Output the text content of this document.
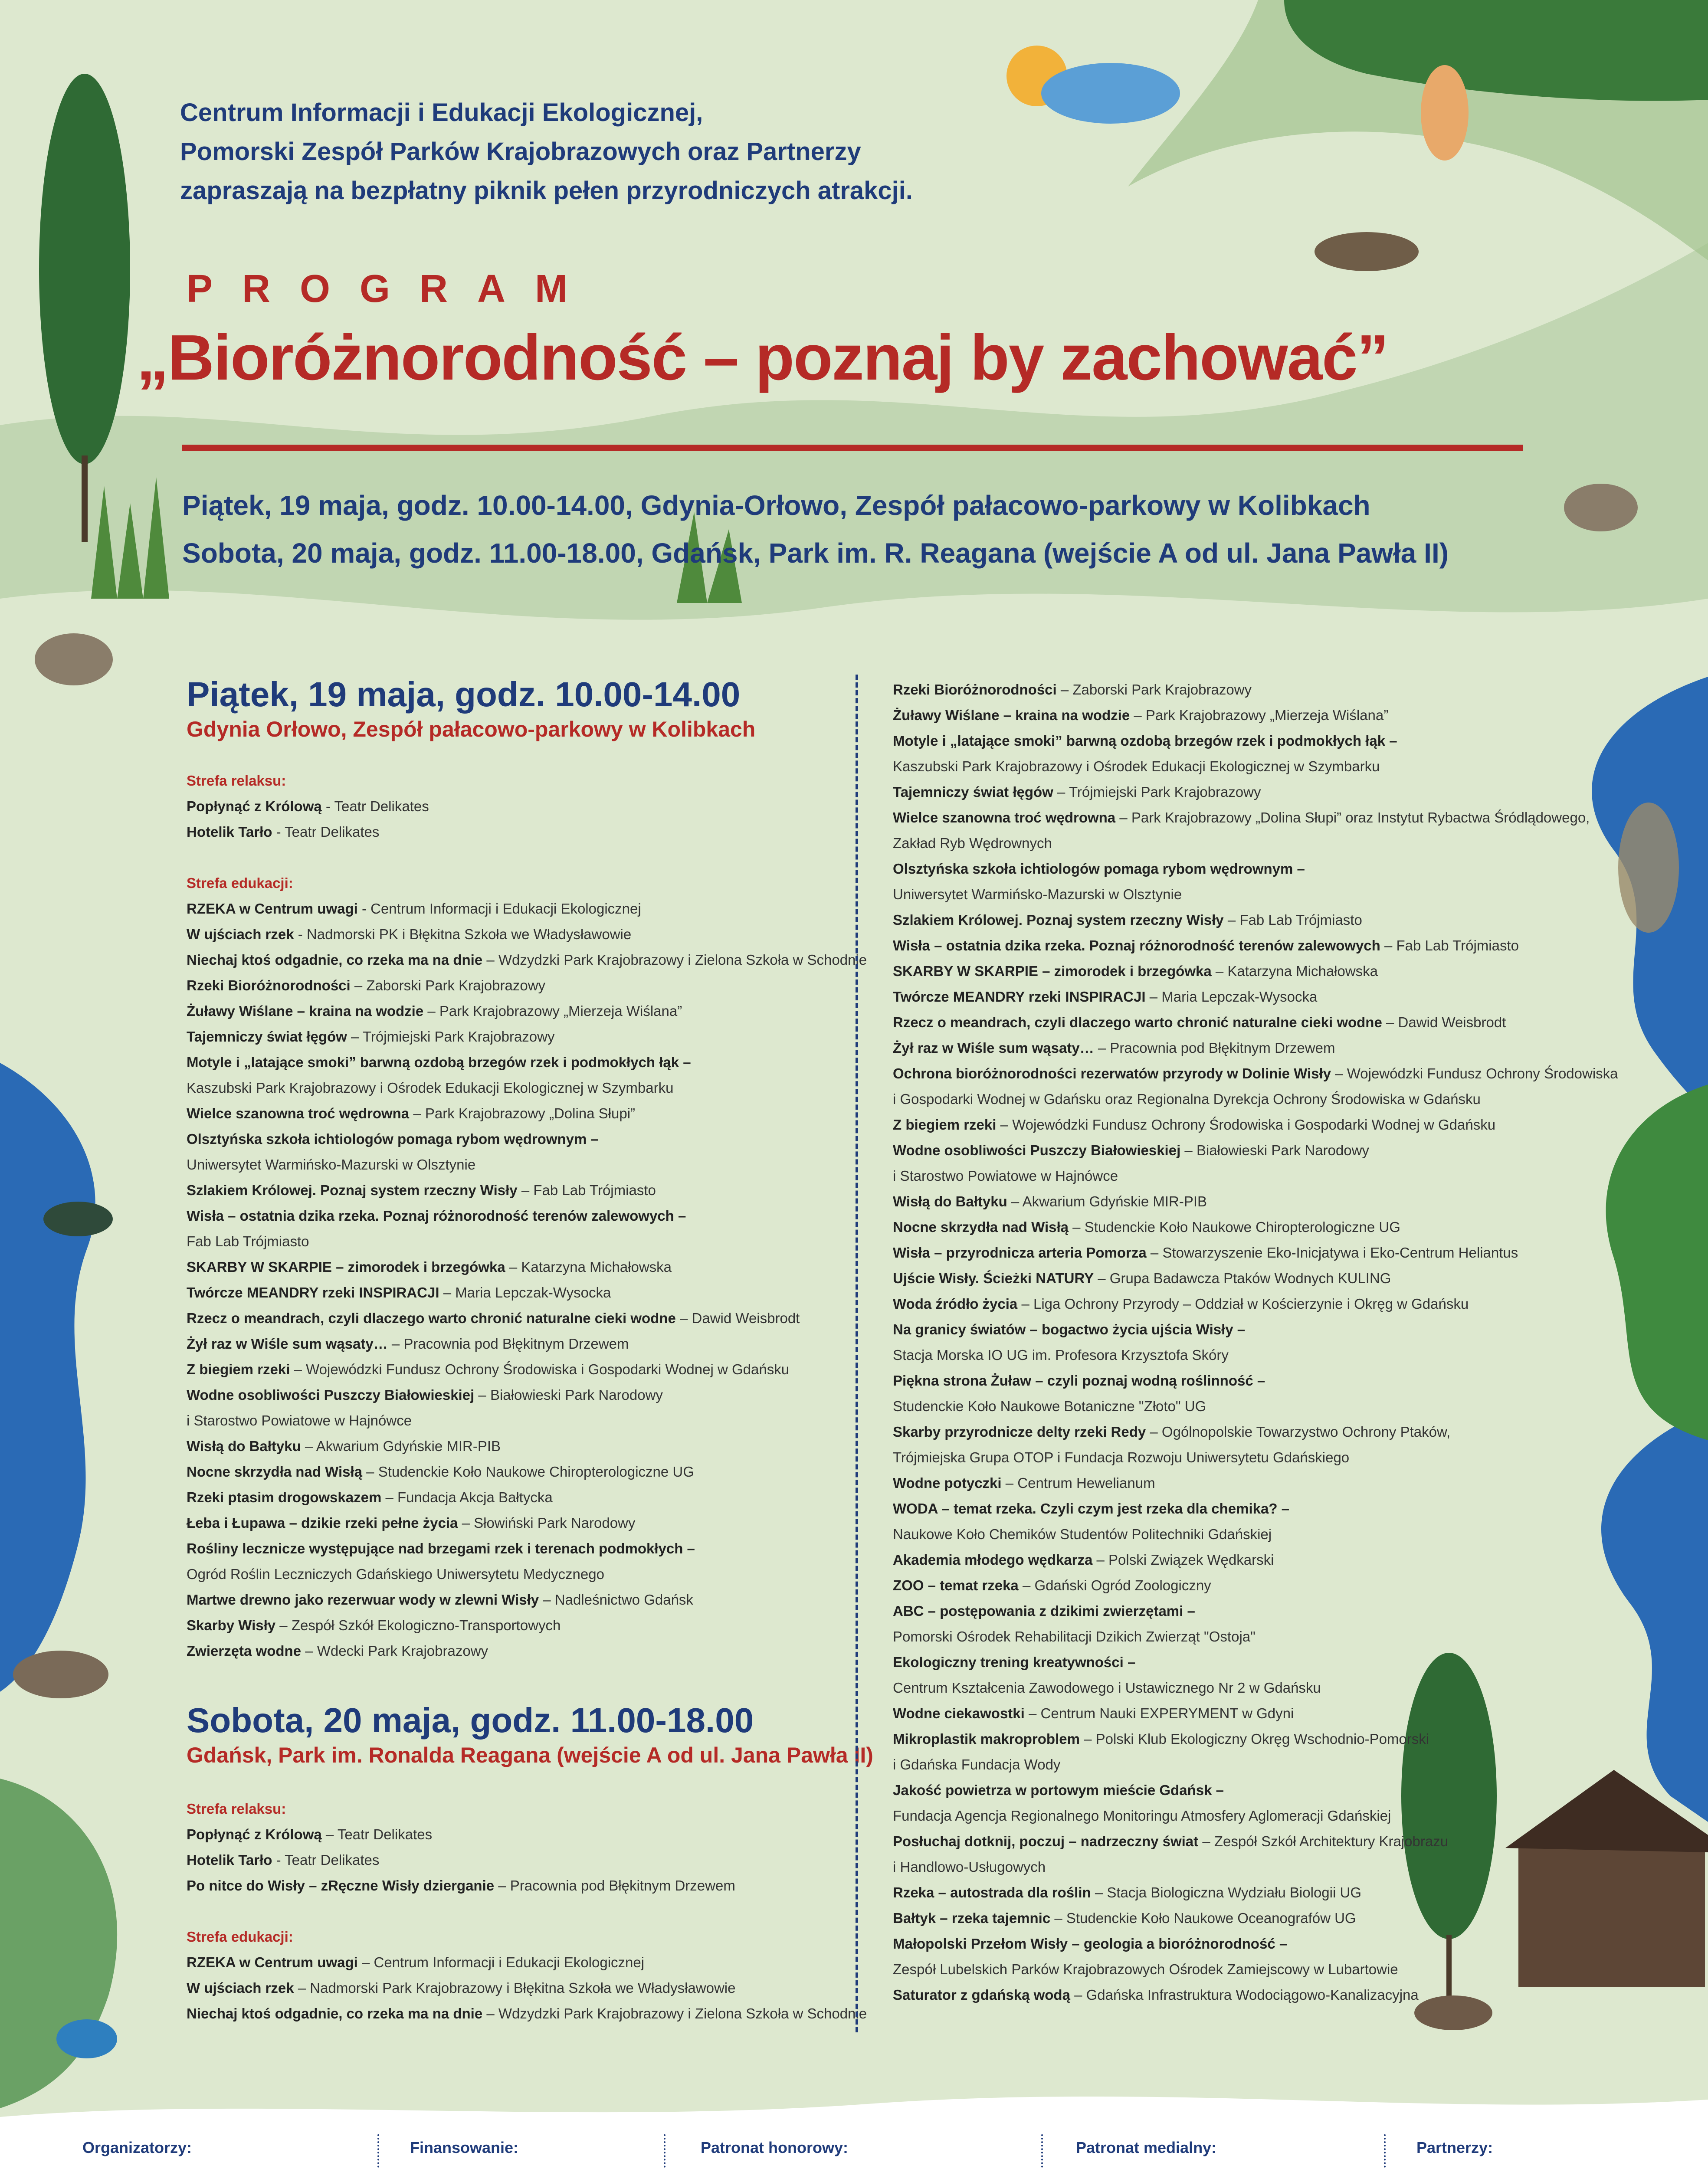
Centrum Informacji i Edukacji Ekologicznej,
Pomorski Zespół Parków Krajobrazowych oraz Partnerzy
zapraszają na bezpłatny piknik pełen przyrodniczych atrakcji.
PROGRAM
„Bioróżnorodność – poznaj by zachować”
Piątek, 19 maja, godz. 10.00-14.00, Gdynia-Orłowo, Zespół pałacowo-parkowy w Kolibkach
Sobota, 20 maja, godz. 11.00-18.00, Gdańsk, Park im. R. Reagana (wejście A od ul. Jana Pawła II)
Piątek, 19 maja, godz. 10.00-14.00
Gdynia Orłowo, Zespół pałacowo-parkowy w Kolibkach
Strefa relaksu:
Popłynąć z Królową - Teatr Delikates
Hotelik Tarło - Teatr Delikates
Strefa edukacji:
RZEKA w Centrum uwagi - Centrum Informacji i Edukacji Ekologicznej
W ujściach rzek - Nadmorski PK i Błękitna Szkoła we Władysławowie
Niechaj ktoś odgadnie, co rzeka ma na dnie – Wdzydzki Park Krajobrazowy i Zielona Szkoła w Schodnie
Rzeki Bioróżnorodności – Zaborski Park Krajobrazowy
Żuławy Wiślane – kraina na wodzie – Park Krajobrazowy „Mierzeja Wiślana”
Tajemniczy świat łęgów – Trójmiejski Park Krajobrazowy
Motyle i „latające smoki” barwną ozdobą brzegów rzek i podmokłych łąk –
Kaszubski Park Krajobrazowy i Ośrodek Edukacji Ekologicznej w Szymbarku
Wielce szanowna troć wędrowna – Park Krajobrazowy „Dolina Słupi”
Olsztyńska szkoła ichtiologów pomaga rybom wędrownym –
Uniwersytet Warmińsko-Mazurski w Olsztynie
Szlakiem Królowej. Poznaj system rzeczny Wisły – Fab Lab Trójmiasto
Wisła – ostatnia dzika rzeka. Poznaj różnorodność terenów zalewowych –
Fab Lab Trójmiasto
SKARBY W SKARPIE – zimorodek i brzegówka – Katarzyna Michałowska
Twórcze MEANDRY rzeki INSPIRACJI – Maria Lepczak-Wysocka
Rzecz o meandrach, czyli dlaczego warto chronić naturalne cieki wodne – Dawid Weisbrodt
Żył raz w Wiśle sum wąsaty… – Pracownia pod Błękitnym Drzewem
Z biegiem rzeki – Wojewódzki Fundusz Ochrony Środowiska i Gospodarki Wodnej w Gdańsku
Wodne osobliwości Puszczy Białowieskiej – Białowieski Park Narodowy
i Starostwo Powiatowe w Hajnówce
Wisłą do Bałtyku – Akwarium Gdyńskie MIR-PIB
Nocne skrzydła nad Wisłą – Studenckie Koło Naukowe Chiropterologiczne UG
Rzeki ptasim drogowskazem – Fundacja Akcja Bałtycka
Łeba i Łupawa – dzikie rzeki pełne życia – Słowiński Park Narodowy
Rośliny lecznicze występujące nad brzegami rzek i terenach podmokłych –
Ogród Roślin Leczniczych Gdańskiego Uniwersytetu Medycznego
Martwe drewno jako rezerwuar wody w zlewni Wisły – Nadleśnictwo Gdańsk
Skarby Wisły – Zespół Szkół Ekologiczno-Transportowych
Zwierzęta wodne – Wdecki Park Krajobrazowy
Sobota, 20 maja, godz. 11.00-18.00
Gdańsk, Park im. Ronalda Reagana (wejście A od ul. Jana Pawła II)
Strefa relaksu:
Popłynąć z Królową – Teatr Delikates
Hotelik Tarło - Teatr Delikates
Po nitce do Wisły – zRęczne Wisły dzierganie – Pracownia pod Błękitnym Drzewem
Strefa edukacji:
RZEKA w Centrum uwagi – Centrum Informacji i Edukacji Ekologicznej
W ujściach rzek – Nadmorski Park Krajobrazowy i Błękitna Szkoła we Władysławowie
Niechaj ktoś odgadnie, co rzeka ma na dnie – Wdzydzki Park Krajobrazowy i Zielona Szkoła w Schodnie
Rzeki Bioróżnorodności – Zaborski Park Krajobrazowy
Żuławy Wiślane – kraina na wodzie – Park Krajobrazowy „Mierzeja Wiślana”
Motyle i „latające smoki” barwną ozdobą brzegów rzek i podmokłych łąk –
Kaszubski Park Krajobrazowy i Ośrodek Edukacji Ekologicznej w Szymbarku
Tajemniczy świat łęgów – Trójmiejski Park Krajobrazowy
Wielce szanowna troć wędrowna – Park Krajobrazowy „Dolina Słupi” oraz Instytut Rybactwa Śródlądowego,
Zakład Ryb Wędrownych
Olsztyńska szkoła ichtiologów pomaga rybom wędrownym –
Uniwersytet Warmińsko-Mazurski w Olsztynie
Szlakiem Królowej. Poznaj system rzeczny Wisły – Fab Lab Trójmiasto
Wisła – ostatnia dzika rzeka. Poznaj różnorodność terenów zalewowych – Fab Lab Trójmiasto
SKARBY W SKARPIE – zimorodek i brzegówka – Katarzyna Michałowska
Twórcze MEANDRY rzeki INSPIRACJI – Maria Lepczak-Wysocka
Rzecz o meandrach, czyli dlaczego warto chronić naturalne cieki wodne – Dawid Weisbrodt
Żył raz w Wiśle sum wąsaty… – Pracownia pod Błękitnym Drzewem
Ochrona bioróżnorodności rezerwatów przyrody w Dolinie Wisły – Wojewódzki Fundusz Ochrony Środowiska
i Gospodarki Wodnej w Gdańsku oraz Regionalna Dyrekcja Ochrony Środowiska w Gdańsku
Z biegiem rzeki – Wojewódzki Fundusz Ochrony Środowiska i Gospodarki Wodnej w Gdańsku
Wodne osobliwości Puszczy Białowieskiej – Białowieski Park Narodowy
i Starostwo Powiatowe w Hajnówce
Wisłą do Bałtyku – Akwarium Gdyńskie MIR-PIB
Nocne skrzydła nad Wisłą – Studenckie Koło Naukowe Chiropterologiczne UG
Wisła – przyrodnicza arteria Pomorza – Stowarzyszenie Eko-Inicjatywa i Eko-Centrum Heliantus
Ujście Wisły. Ścieżki NATURY – Grupa Badawcza Ptaków Wodnych KULING
Woda źródło życia – Liga Ochrony Przyrody – Oddział w Kościerzynie i Okręg w Gdańsku
Na granicy światów – bogactwo życia ujścia Wisły –
Stacja Morska IO UG im. Profesora Krzysztofa Skóry
Piękna strona Żuław – czyli poznaj wodną roślinność –
Studenckie Koło Naukowe Botaniczne "Złoto" UG
Skarby przyrodnicze delty rzeki Redy – Ogólnopolskie Towarzystwo Ochrony Ptaków,
Trójmiejska Grupa OTOP i Fundacja Rozwoju Uniwersytetu Gdańskiego
Wodne potyczki – Centrum Hewelianum
WODA – temat rzeka. Czyli czym jest rzeka dla chemika? –
Naukowe Koło Chemików Studentów Politechniki Gdańskiej
Akademia młodego wędkarza – Polski Związek Wędkarski
ZOO – temat rzeka – Gdański Ogród Zoologiczny
ABC – postępowania z dzikimi zwierzętami –
Pomorski Ośrodek Rehabilitacji Dzikich Zwierząt "Ostoja"
Ekologiczny trening kreatywności –
Centrum Kształcenia Zawodowego i Ustawicznego Nr 2 w Gdańsku
Wodne ciekawostki – Centrum Nauki EXPERYMENT w Gdyni
Mikroplastik makroproblem – Polski Klub Ekologiczny Okręg Wschodnio-Pomorski
i Gdańska Fundacja Wody
Jakość powietrza w portowym mieście Gdańsk –
Fundacja Agencja Regionalnego Monitoringu Atmosfery Aglomeracji Gdańskiej
Posłuchaj dotknij, poczuj – nadrzeczny świat – Zespół Szkół Architektury Krajobrazu
i Handlowo-Usługowych
Rzeka – autostrada dla roślin – Stacja Biologiczna Wydziału Biologii UG
Bałtyk – rzeka tajemnic – Studenckie Koło Naukowe Oceanografów UG
Małopolski Przełom Wisły – geologia a bioróżnorodność –
Zespół Lubelskich Parków Krajobrazowych Ośrodek Zamiejscowy w Lubartowie
Saturator z gdańską wodą – Gdańska Infrastruktura Wodociągowo-Kanalizacyjna
Organizatorzy:	Finansowanie:	Patronat honorowy:	Patronat medialny:	Partnerzy:
